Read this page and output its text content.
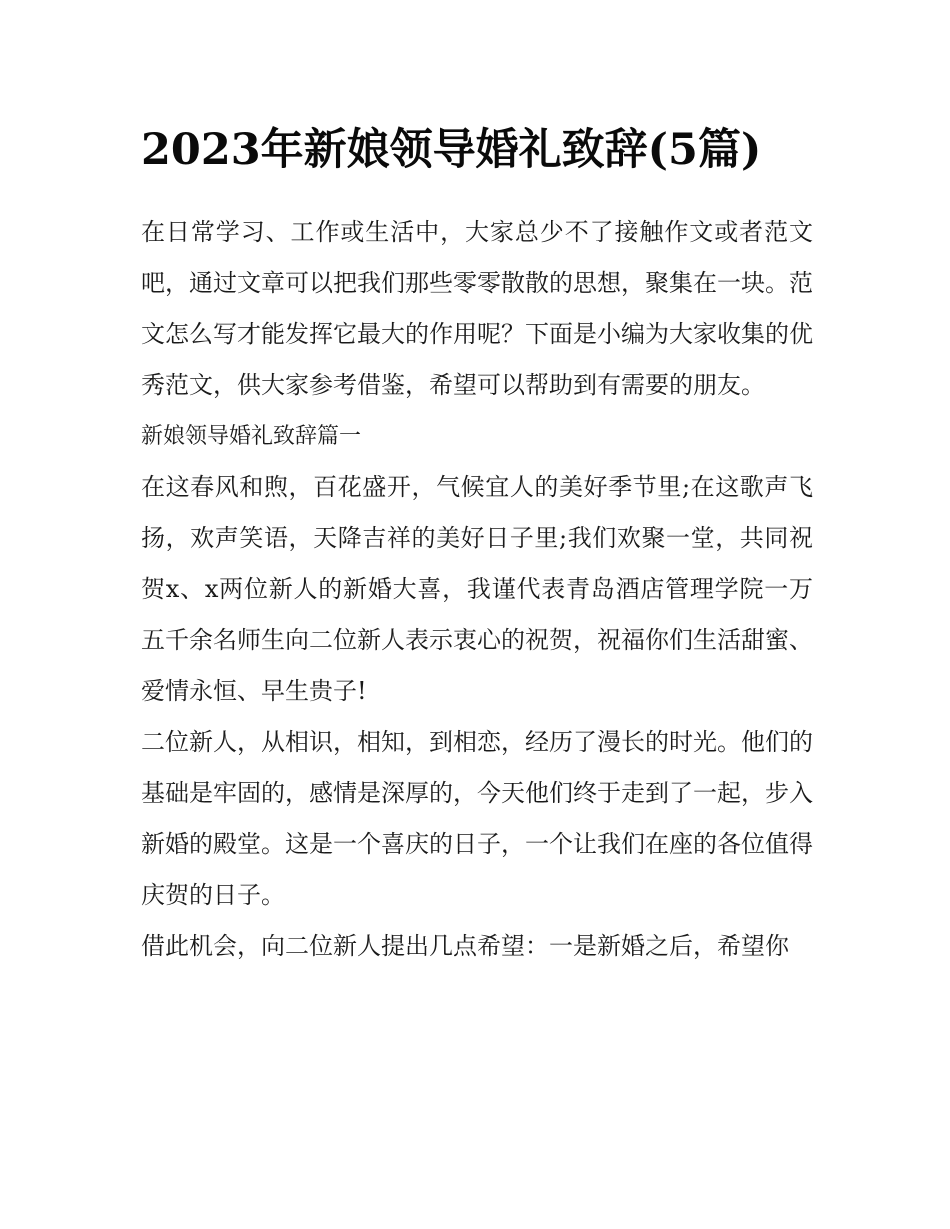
2023年新娘领导婚礼致辞(5篇)

在日常学习、工作或生活中，大家总少不了接触作文或者范文吧，通过文章可以把我们那些零零散散的思想，聚集在一块。范文怎么写才能发挥它最大的作用呢？下面是小编为大家收集的优秀范文，供大家参考借鉴，希望可以帮助到有需要的朋友。

新娘领导婚礼致辞篇一

在这春风和煦，百花盛开，气候宜人的美好季节里;在这歌声飞扬，欢声笑语，天降吉祥的美好日子里;我们欢聚一堂，共同祝贺x、x两位新人的新婚大喜，我谨代表青岛酒店管理学院一万五千余名师生向二位新人表示衷心的祝贺，祝福你们生活甜蜜、爱情永恒、早生贵子!

二位新人，从相识，相知，到相恋，经历了漫长的时光。他们的基础是牢固的，感情是深厚的，今天他们终于走到了一起，步入新婚的殿堂。这是一个喜庆的日子，一个让我们在座的各位值得庆贺的日子。

借此机会，向二位新人提出几点希望：一是新婚之后，希望你
